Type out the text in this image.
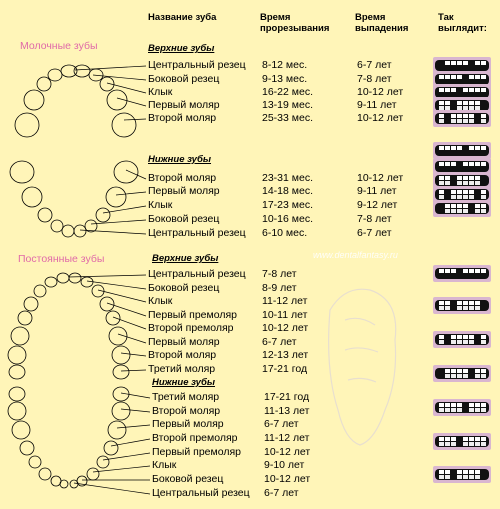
Название зуба	Время
прорезывания
Время
выпадения
Так
выглядит:
Молочные зубы	Верхние зубы
Нижние зубы
Постоянные зубы	Верхние зубы
Нижние зубы
www.dentalfantasy.ru
Центральный резец 8-12 мес.	6-7 лет
Боковой резец	9-13 мес.	7-8 лет
Клык	16-22 мес.	10-12 лет
Первый моляр	13-19 мес.	9-11 лет
Второй моляр	25-33 мес.	10-12 лет
Второй моляр	23-31 мес.	10-12 лет
Первый моляр	14-18 мес.	9-11 лет
Клык	17-23 мес.	9-12 лет
Боковой резец	10-16 мес.	7-8 лет
Центральный резец 6-10 мес.	6-7 лет
Центральный резец 7-8 лет
Боковой резец	8-9 лет
Клык	11-12 лет
Первый премоляр 10-11 лет
Второй премоляр	10-12 лет
Первый моляр	6-7 лет
Второй моляр	12-13 лет
Третий моляр	17-21 год
Третий моляр	17-21 год
Второй моляр	11-13 лет
Первый моляр	6-7 лет
Второй премоляр	11-12 лет
Первый премоляр 10-12 лет
Клык	9-10 лет
Боковой резец	10-12 лет
Центральный резец 6-7 лет
